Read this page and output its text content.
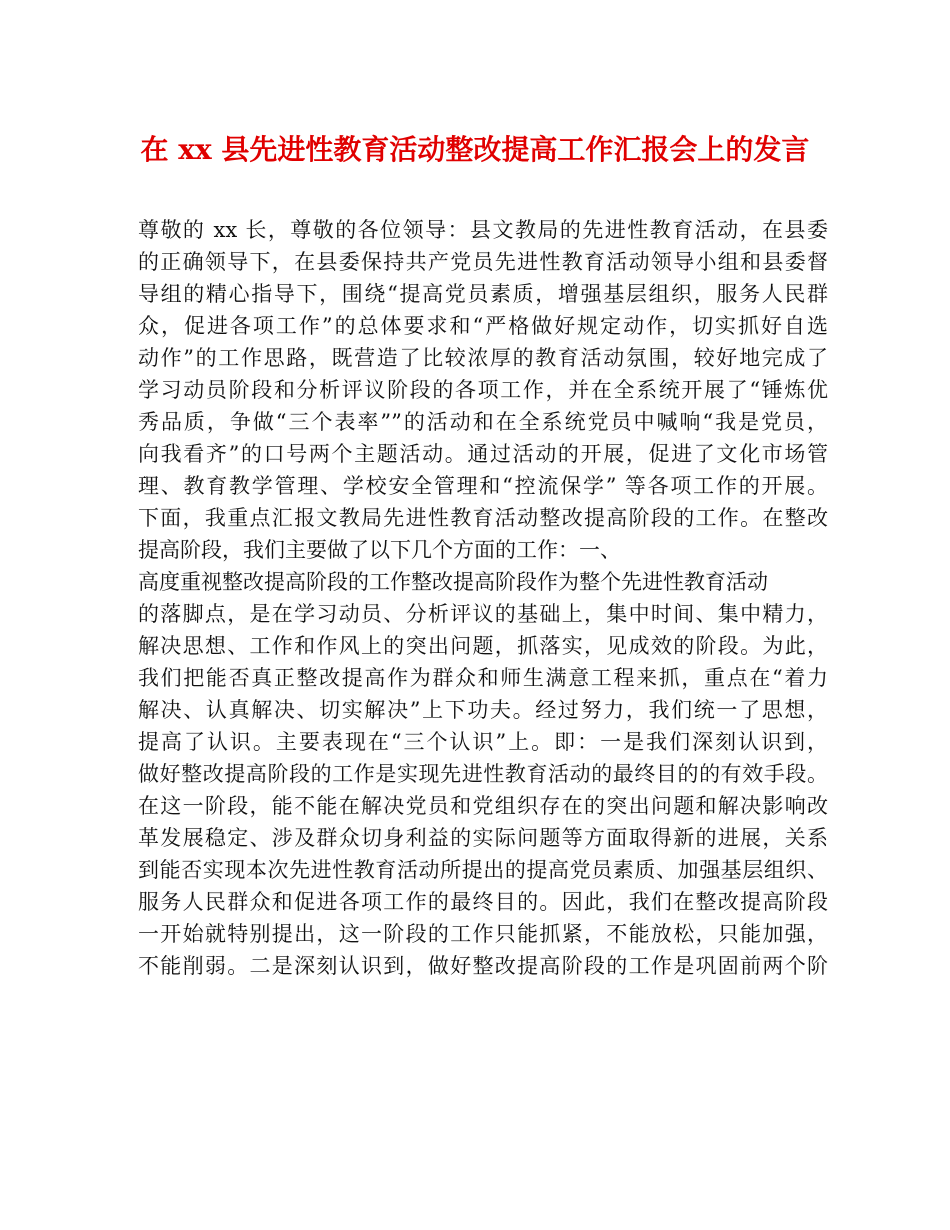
在 xx 县先进性教育活动整改提高工作汇报会上的发言
尊敬的 xx 长，尊敬的各位领导：县文教局的先进性教育活动，在县委
的正确领导下，在县委保持共产党员先进性教育活动领导小组和县委督
导组的精心指导下，围绕“提高党员素质，增强基层组织，服务人民群
众，促进各项工作”的总体要求和“严格做好规定动作，切实抓好自选
动作”的工作思路，既营造了比较浓厚的教育活动氛围，较好地完成了
学习动员阶段和分析评议阶段的各项工作，并在全系统开展了“锤炼优
秀品质，争做“三个表率””的活动和在全系统党员中喊响“我是党员，
向我看齐”的口号两个主题活动。通过活动的开展，促进了文化市场管
理、教育教学管理、学校安全管理和“控流保学” 等各项工作的开展。
下面，我重点汇报文教局先进性教育活动整改提高阶段的工作。在整改
提高阶段，我们主要做了以下几个方面的工作：一、
高度重视整改提高阶段的工作整改提高阶段作为整个先进性教育活动
的落脚点，是在学习动员、分析评议的基础上，集中时间、集中精力，
解决思想、工作和作风上的突出问题，抓落实，见成效的阶段。为此，
我们把能否真正整改提高作为群众和师生满意工程来抓，重点在“着力
解决、认真解决、切实解决”上下功夫。经过努力，我们统一了思想，
提高了认识。主要表现在“三个认识”上。即：一是我们深刻认识到，
做好整改提高阶段的工作是实现先进性教育活动的最终目的的有效手段。
在这一阶段，能不能在解决党员和党组织存在的突出问题和解决影响改
革发展稳定、涉及群众切身利益的实际问题等方面取得新的进展，关系
到能否实现本次先进性教育活动所提出的提高党员素质、加强基层组织、
服务人民群众和促进各项工作的最终目的。因此，我们在整改提高阶段
一开始就特别提出，这一阶段的工作只能抓紧，不能放松，只能加强，
不能削弱。二是深刻认识到，做好整改提高阶段的工作是巩固前两个阶
